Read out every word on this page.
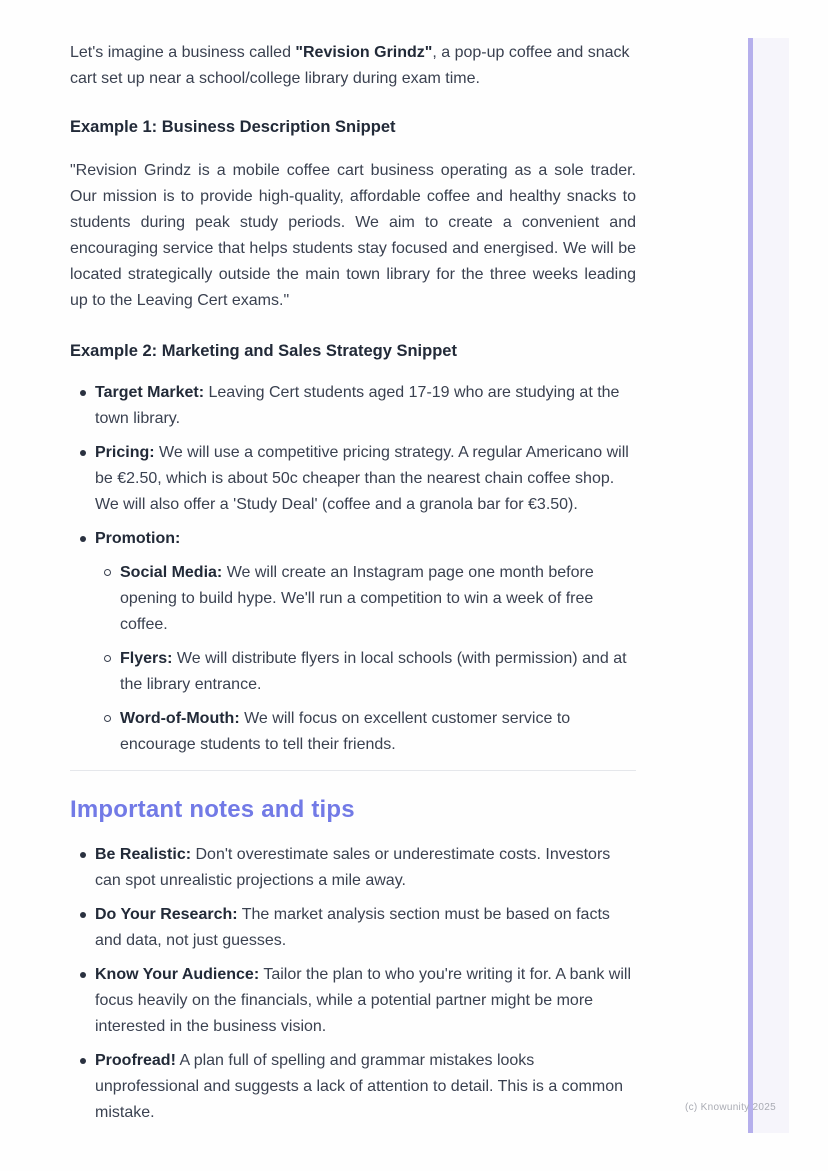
Let's imagine a business called "Revision Grindz", a pop-up coffee and snack cart set up near a school/college library during exam time.

Example 1: Business Description Snippet

"Revision Grindz is a mobile coffee cart business operating as a sole trader. Our mission is to provide high-quality, affordable coffee and healthy snacks to students during peak study periods. We aim to create a convenient and encouraging service that helps students stay focused and energised. We will be located strategically outside the main town library for the three weeks leading up to the Leaving Cert exams."

Example 2: Marketing and Sales Strategy Snippet
Target Market: Leaving Cert students aged 17-19 who are studying at the town library.
Pricing: We will use a competitive pricing strategy. A regular Americano will be €2.50, which is about 50c cheaper than the nearest chain coffee shop. We will also offer a 'Study Deal' (coffee and a granola bar for €3.50).
Promotion:
Social Media: We will create an Instagram page one month before opening to build hype. We'll run a competition to win a week of free coffee.
Flyers: We will distribute flyers in local schools (with permission) and at the library entrance.
Word-of-Mouth: We will focus on excellent customer service to encourage students to tell their friends.
Important notes and tips
Be Realistic: Don't overestimate sales or underestimate costs. Investors can spot unrealistic projections a mile away.
Do Your Research: The market analysis section must be based on facts and data, not just guesses.
Know Your Audience: Tailor the plan to who you're writing it for. A bank will focus heavily on the financials, while a potential partner might be more interested in the business vision.
Proofread! A plan full of spelling and grammar mistakes looks unprofessional and suggests a lack of attention to detail. This is a common mistake.	(c) Knowunity 2025
